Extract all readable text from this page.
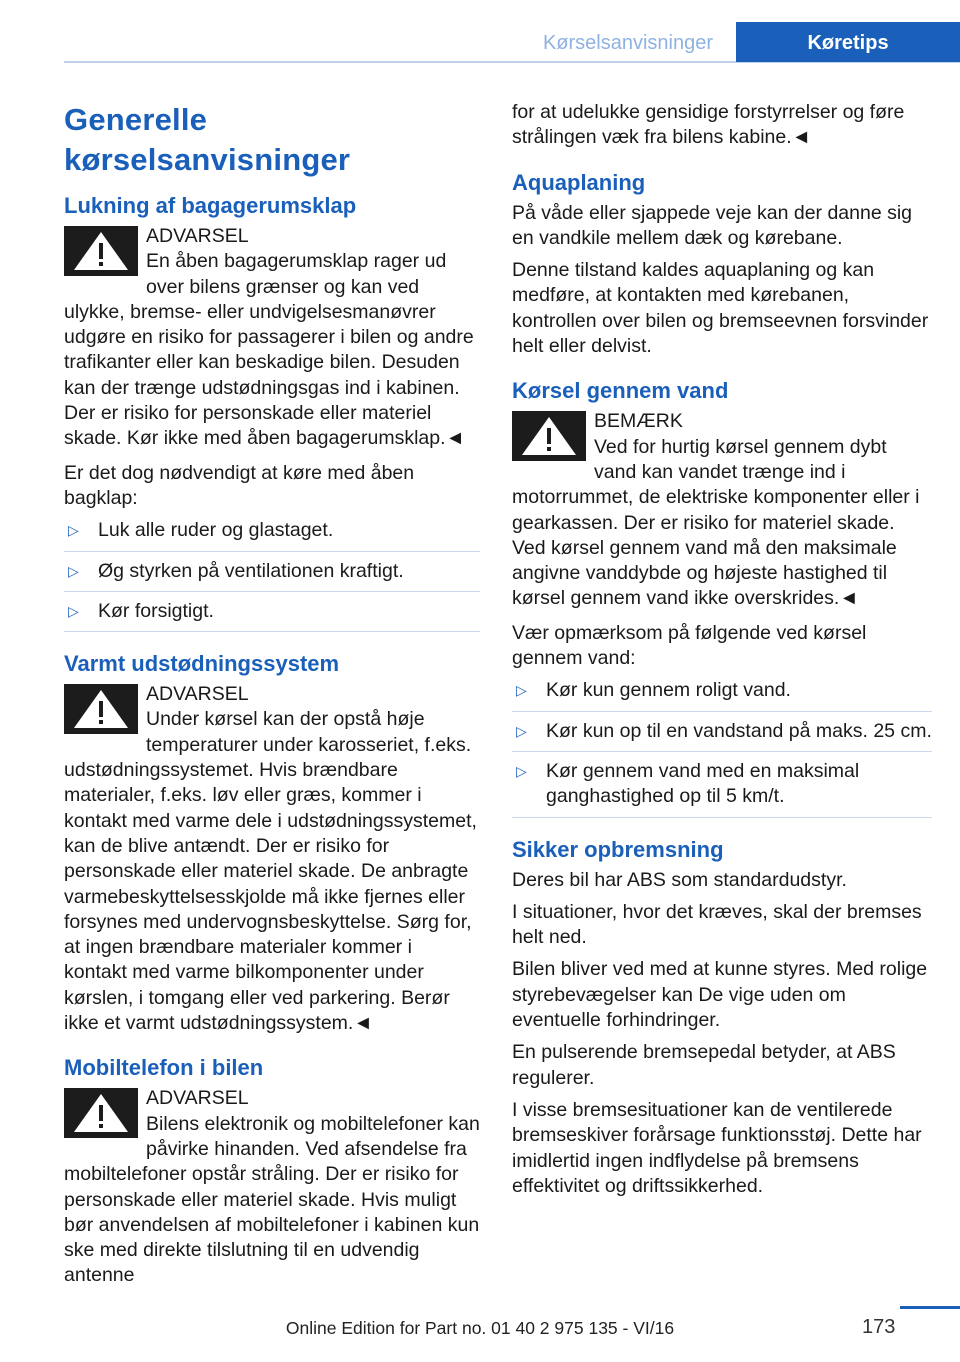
Kørselsanvisninger	Køretips
Generelle kørselsanvisninger
Lukning af bagagerumsklap
ADVARSEL
En åben bagagerumsklap rager ud over bilens grænser og kan ved ulykke, bremse- eller undvigelsesmanøvrer udgøre en risiko for passagerer i bilen og andre trafikanter eller kan beskadige bilen. Desuden kan der trænge udstødningsgas ind i kabinen. Der er risiko for personskade eller materiel skade. Kør ikke med åben bagagerumsklap.◄

Er det dog nødvendigt at køre med åben bagklap:

▷ Luk alle ruder og glastaget.
▷ Øg styrken på ventilationen kraftigt.
▷ Kør forsigtigt.
Varmt udstødningssystem
ADVARSEL
Under kørsel kan der opstå høje temperaturer under karosseriet, f.eks. udstødningssystemet. Hvis brændbare materialer, f.eks. løv eller græs, kommer i kontakt med varme dele i udstødningssystemet, kan de blive antændt. Der er risiko for personskade eller materiel skade. De anbragte varmebeskyttelsesskjolde må ikke fjernes eller forsynes med undervognsbeskyttelse. Sørg for, at ingen brændbare materialer kommer i kontakt med varme bilkomponenter under kørslen, i tomgang eller ved parkering. Berør ikke et varmt udstødningssystem.◄
Mobiltelefon i bilen
ADVARSEL
Bilens elektronik og mobiltelefoner kan påvirke hinanden. Ved afsendelse fra mobiltelefoner opstår stråling. Der er risiko for personskade eller materiel skade. Hvis muligt bør anvendelsen af mobiltelefoner i kabinen kun ske med direkte tilslutning til en udvendig antenne

for at udelukke gensidige forstyrrelser og føre strålingen væk fra bilens kabine.◄

Aquaplaning

På våde eller sjappede veje kan der danne sig en vandkile mellem dæk og kørebane.

Denne tilstand kaldes aquaplaning og kan medføre, at kontakten med kørebanen, kontrollen over bilen og bremseevnen forsvinder helt eller delvist.

Kørsel gennem vand
BEMÆRK
Ved for hurtig kørsel gennem dybt vand kan vandet trænge ind i motorrummet, de elektriske komponenter eller i gearkassen. Der er risiko for materiel skade. Ved kørsel gennem vand må den maksimale angivne vanddybde og højeste hastighed til kørsel gennem vand ikke overskrides.◄

Vær opmærksom på følgende ved kørsel gennem vand:

▷ Kør kun gennem roligt vand.
▷ Kør kun op til en vandstand på maks. 25 cm.
▷ Kør gennem vand med en maksimal ganghastighed op til 5 km/t.
Sikker opbremsning

Deres bil har ABS som standardudstyr.

I situationer, hvor det kræves, skal der bremses helt ned.

Bilen bliver ved med at kunne styres. Med rolige styrebevægelser kan De vige uden om eventuelle forhindringer.

En pulserende bremsepedal betyder, at ABS regulerer.

I visse bremsesituationer kan de ventilerede bremseskiver forårsage funktionsstøj. Dette har imidlertid ingen indflydelse på bremsens effektivitet og driftssikkerhed.

173
Online Edition for Part no. 01 40 2 975 135 - VI/16
